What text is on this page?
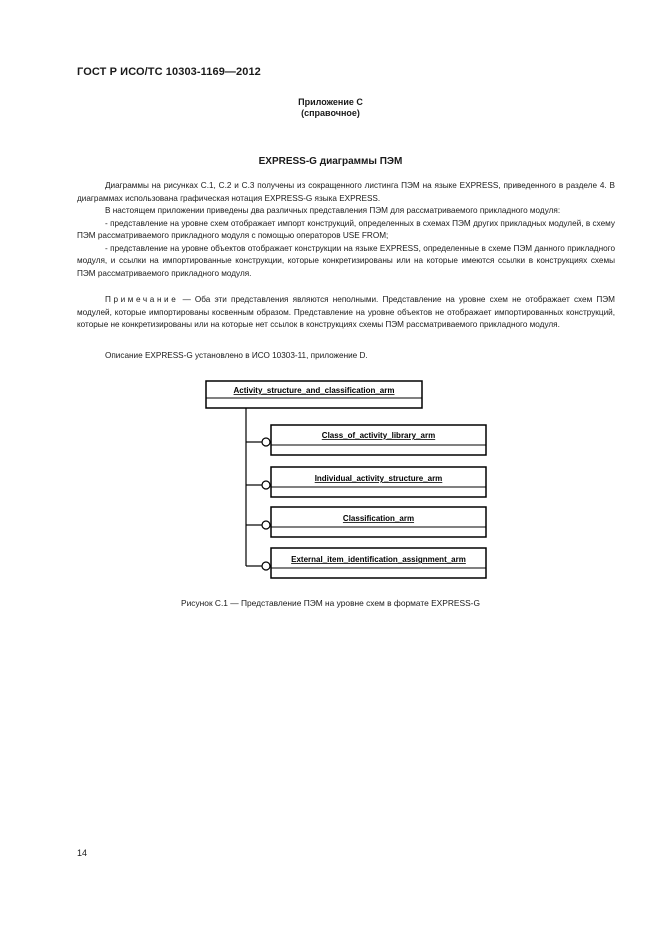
ГОСТ Р ИСО/ТС 10303-1169—2012
Приложение C
(справочное)
EXPRESS-G диаграммы ПЭМ

Диаграммы на рисунках C.1, C.2 и C.3 получены из сокращенного листинга ПЭМ на языке EXPRESS, приведенного в разделе 4. В диаграммах использована графическая нотация EXPRESS-G языка EXPRESS.

В настоящем приложении приведены два различных представления ПЭМ для рассматриваемого прикладного модуля:

- представление на уровне схем отображает импорт конструкций, определенных в схемах ПЭМ других прикладных модулей, в схему ПЭМ рассматриваемого прикладного модуля с помощью операторов USE FROM;

- представление на уровне объектов отображает конструкции на языке EXPRESS, определенные в схеме ПЭМ данного прикладного модуля, и ссылки на импортированные конструкции, которые конкретизированы или на которые имеются ссылки в конструкциях схемы ПЭМ рассматриваемого прикладного модуля.

Примечание — Оба эти представления являются неполными. Представление на уровне схем не отображает схем ПЭМ модулей, которые импортированы косвенным образом. Представление на уровне объектов не отображает импортированных конструкций, которые не конкретизированы или на которые нет ссылок в конструкциях схемы ПЭМ рассматриваемого прикладного модуля.

Описание EXPRESS-G установлено в ИСО 10303-11, приложение D.

Activity_structure_and_classification_arm
Class_of_activity_library_arm
Individual_activity_structure_arm
Classification_arm
External_item_identification_assignment_arm
Рисунок C.1 — Представление ПЭМ на уровне схем в формате EXPRESS-G
14
